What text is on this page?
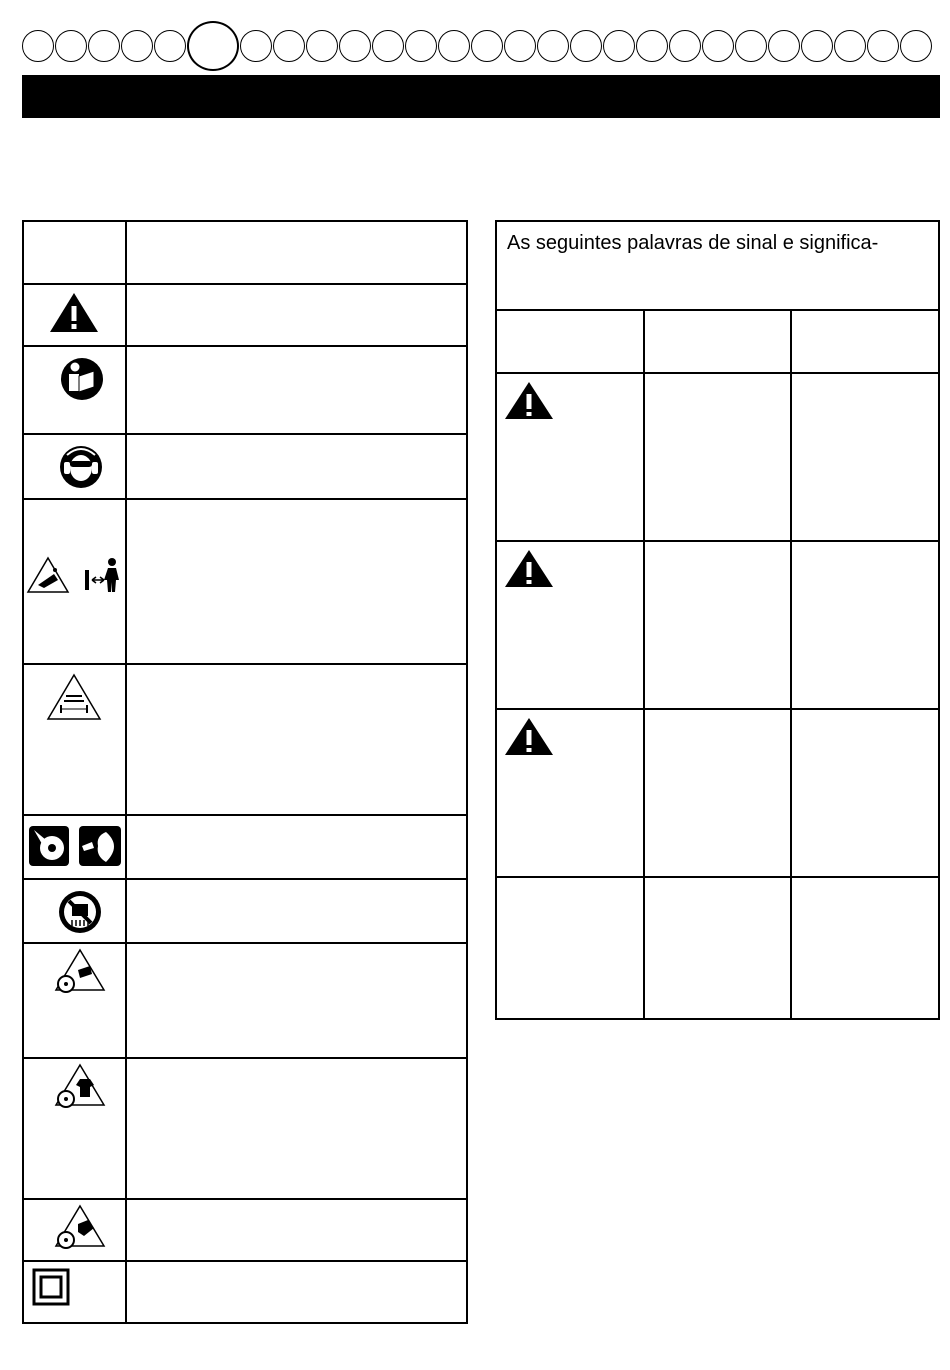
As seguintes palavras de sinal e significa-		
